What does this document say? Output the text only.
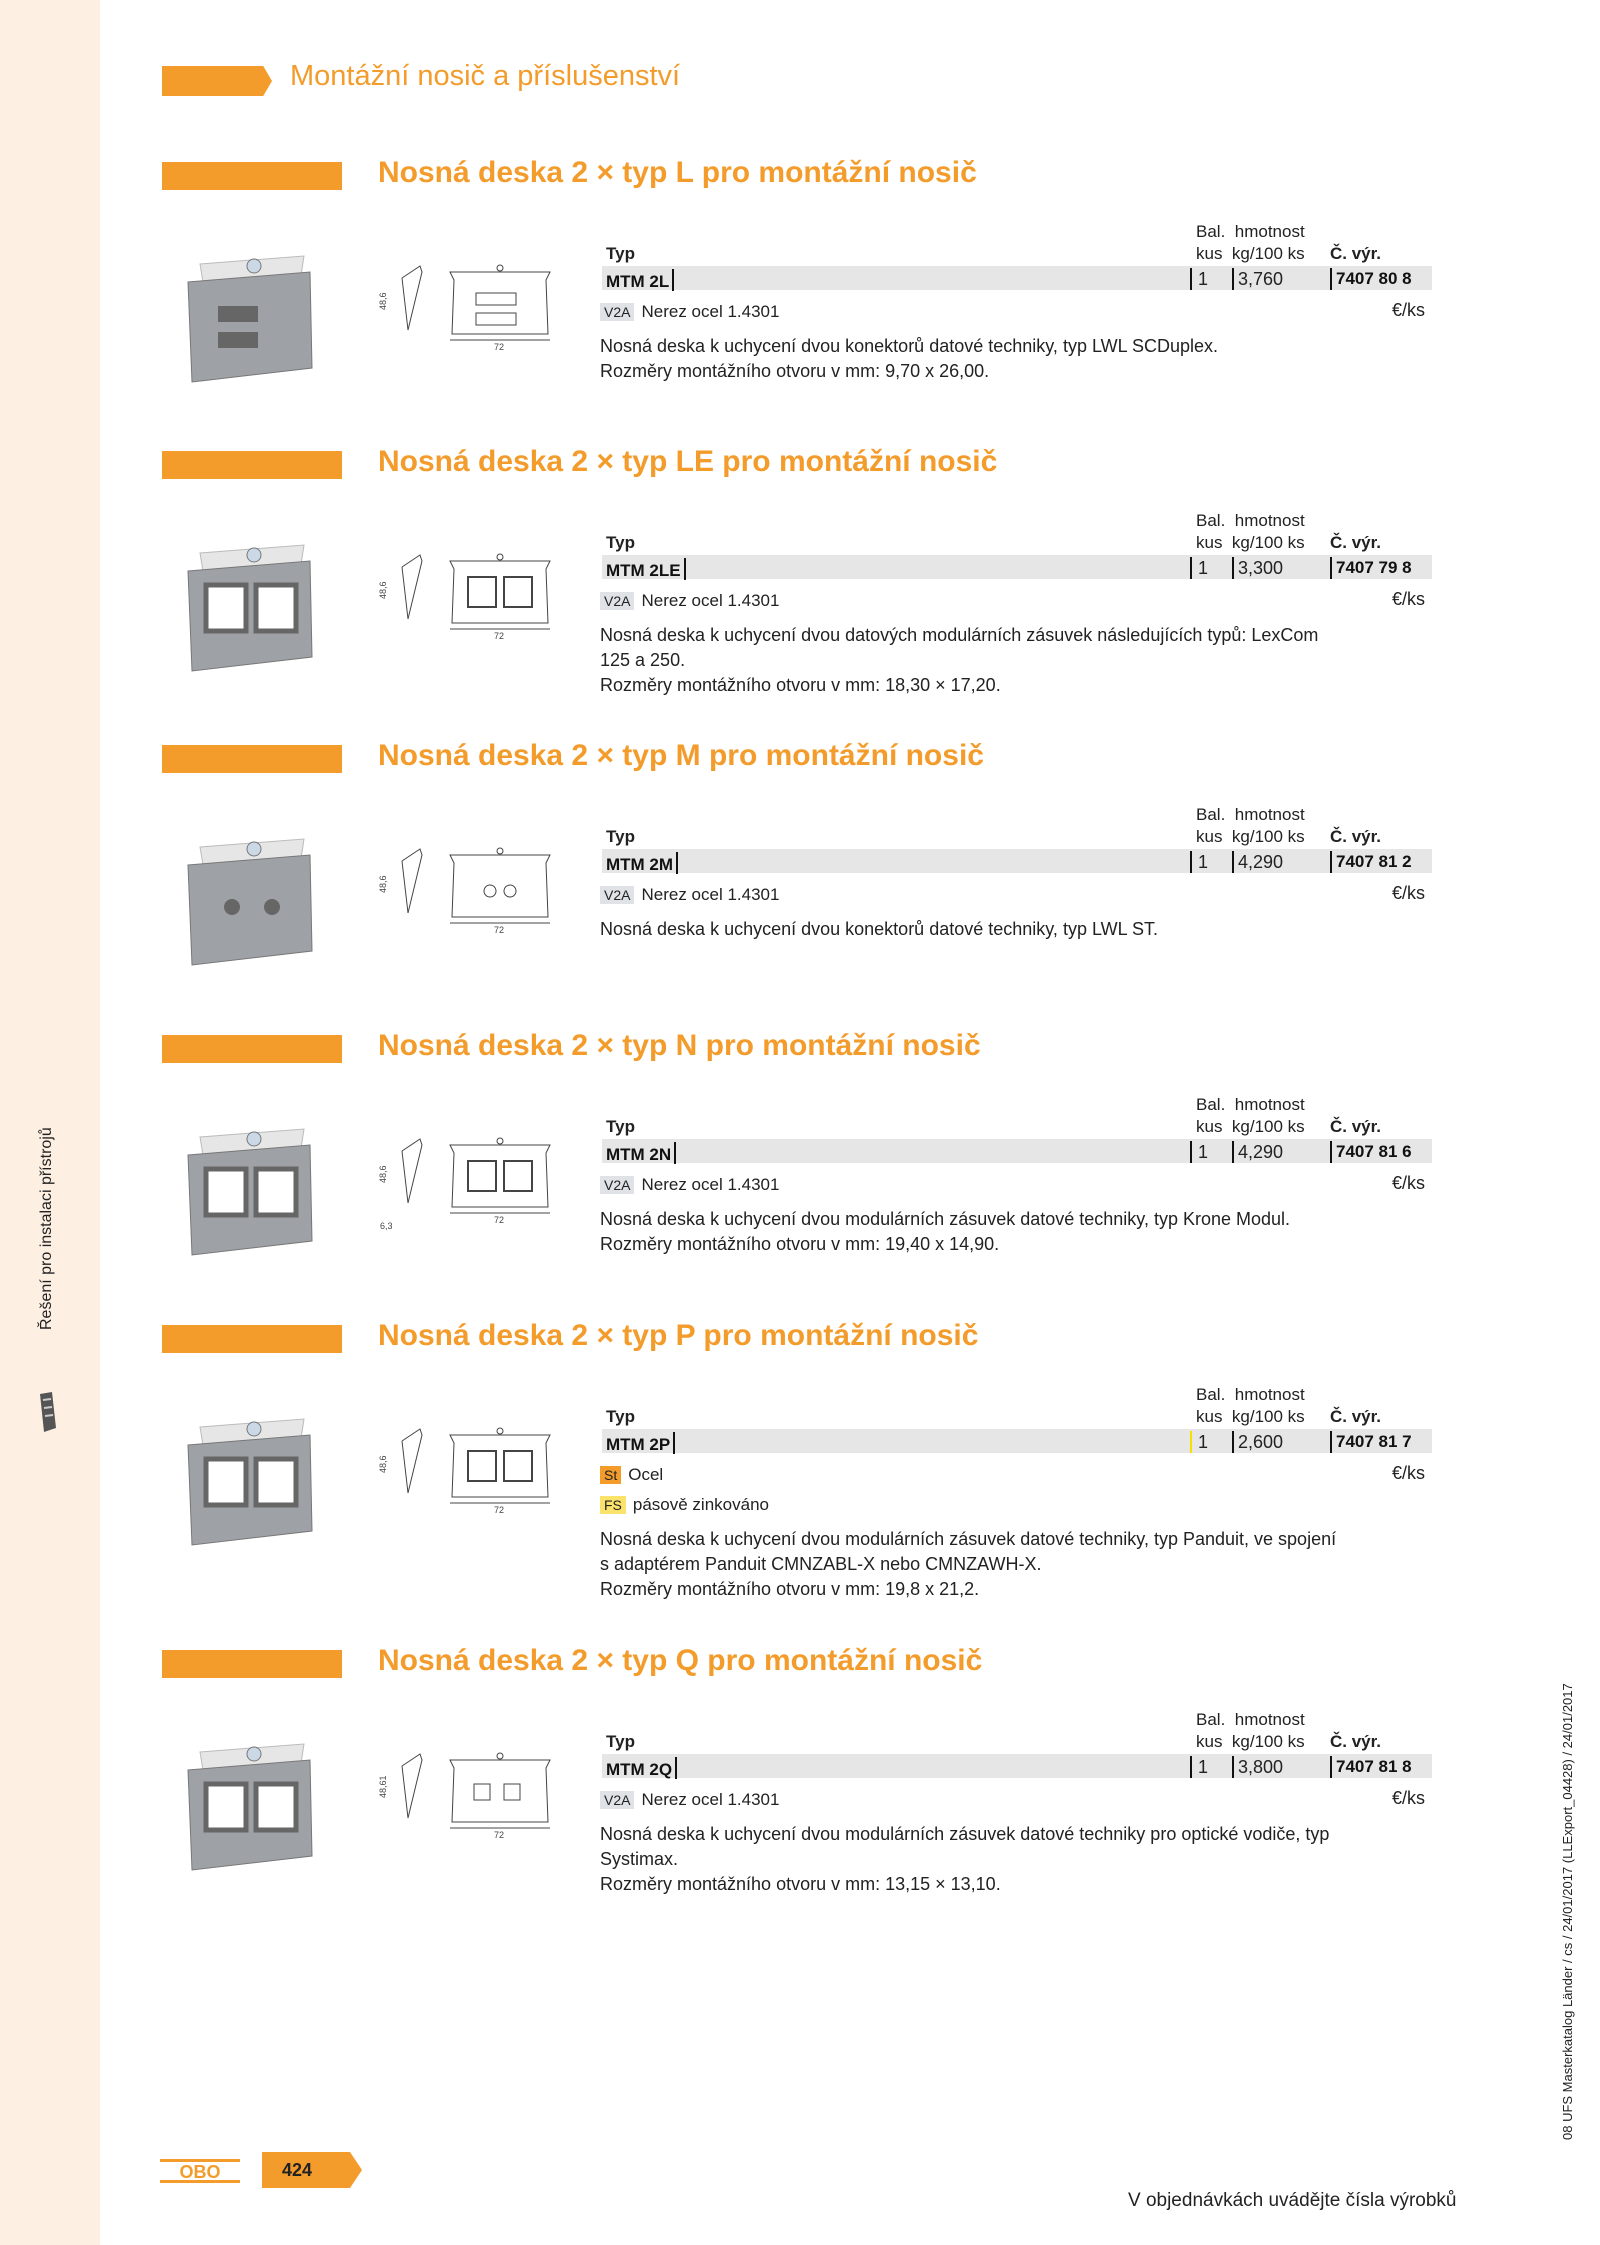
Řešení pro instalaci přístrojů
08 UFS Masterkatalog Länder / cs / 24/01/2017 (LLExport_04428) / 24/01/2017
Montážní nosič a příslušenství
Nosná deska 2 × typ L pro montážní nosič
48,6
72
Bal. hmotnost
Typ	kus kg/100 ks Č. výr.
MTM 2L	1 3,760	7407 80 8
€/ks
V2A Nerez ocel 1.4301
Nosná deska k uchycení dvou konektorů datové techniky, typ LWL SCDuplex.
Rozměry montážního otvoru v mm: 9,70 x 26,00.
Nosná deska 2 × typ LE pro montážní nosič
48,6
72
Bal. hmotnost
Typ	kus kg/100 ks Č. výr.
MTM 2LE	1 3,300	7407 79 8
€/ks
V2A Nerez ocel 1.4301
Nosná deska k uchycení dvou datových modulárních zásuvek následujících typů: LexCom
125 a 250.
Rozměry montážního otvoru v mm: 18,30 × 17,20.
Nosná deska 2 × typ M pro montážní nosič
48,6
72
Bal. hmotnost
Typ	kus kg/100 ks Č. výr.
MTM 2M	1 4,290	7407 81 2
€/ks
V2A Nerez ocel 1.4301
Nosná deska k uchycení dvou konektorů datové techniky, typ LWL ST.
Nosná deska 2 × typ N pro montážní nosič
48,6
72
6,3
Bal. hmotnost
Typ	kus kg/100 ks Č. výr.
MTM 2N	1 4,290	7407 81 6
€/ks
V2A Nerez ocel 1.4301
Nosná deska k uchycení dvou modulárních zásuvek datové techniky, typ Krone Modul.
Rozměry montážního otvoru v mm: 19,40 x 14,90.
Nosná deska 2 × typ P pro montážní nosič
48,6
72
Bal. hmotnost
Typ	kus kg/100 ks Č. výr.
MTM 2P	1 2,600	7407 81 7
€/ks
St Ocel
FS pásově zinkováno
Nosná deska k uchycení dvou modulárních zásuvek datové techniky, typ Panduit, ve spojení
s adaptérem Panduit CMNZABL-X nebo CMNZAWH-X.
Rozměry montážního otvoru v mm: 19,8 x 21,2.
Nosná deska 2 × typ Q pro montážní nosič
48,61
72
Bal. hmotnost
Typ	kus kg/100 ks Č. výr.
MTM 2Q	1 3,800	7407 81 8
€/ks
V2A Nerez ocel 1.4301
Nosná deska k uchycení dvou modulárních zásuvek datové techniky pro optické vodiče, typ
Systimax.
Rozměry montážního otvoru v mm: 13,15 × 13,10.
OBO	424
V objednávkách uvádějte čísla výrobků
